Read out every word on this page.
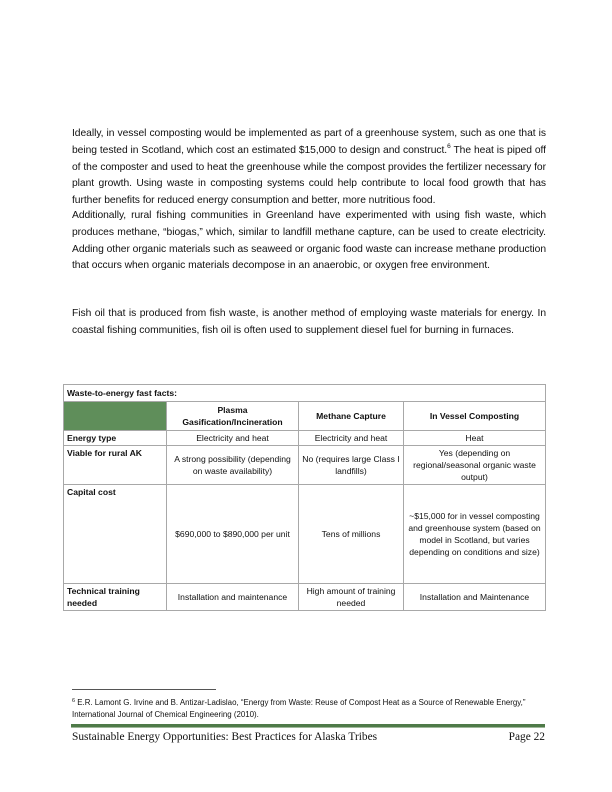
Ideally, in vessel composting would be implemented as part of a greenhouse system, such as one that is being tested in Scotland, which cost an estimated $15,000 to design and construct.$^6$ The heat is piped off of the composter and used to heat the greenhouse while the compost provides the fertilizer necessary for plant growth. Using waste in composting systems could help contribute to local food growth that has further benefits for reduced energy consumption and better, more nutritious food.

Additionally, rural fishing communities in Greenland have experimented with using fish waste, which produces methane, “biogas,” which, similar to landfill methane capture, can be used to create electricity. Adding other organic materials such as seaweed or organic food waste can increase methane production that occurs when organic materials decompose in an anaerobic, or oxygen free environment.

Fish oil that is produced from fish waste, is another method of employing waste materials for energy. In coastal fishing communities, fish oil is often used to supplement diesel fuel for burning in furnaces.

Waste-to-energy fast facts:			
	Plasma Gasification/Incineration	Methane Capture	In Vessel Composting
Energy type	Electricity and heat	Electricity and heat	Heat
Viable for rural AK	A strong possibility (depending on waste availability)	No (requires large Class I landfills)	Yes (depending on regional/seasonal organic waste output)
Capital cost	$690,000 to $890,000 per unit	Tens of millions	~$15,000 for in vessel composting and greenhouse system (based on model in Scotland, but varies depending on conditions and size)
Technical training needed	Installation and maintenance	High amount of training needed	Installation and Maintenance

$^6$ E.R. Lamont G. Irvine and B. Antizar-Ladislao, “Energy from Waste: Reuse of Compost Heat as a Source of Renewable Energy,” International Journal of Chemical Engineering (2010).

Sustainable Energy Opportunities: Best Practices for Alaska Tribes	Page 22
